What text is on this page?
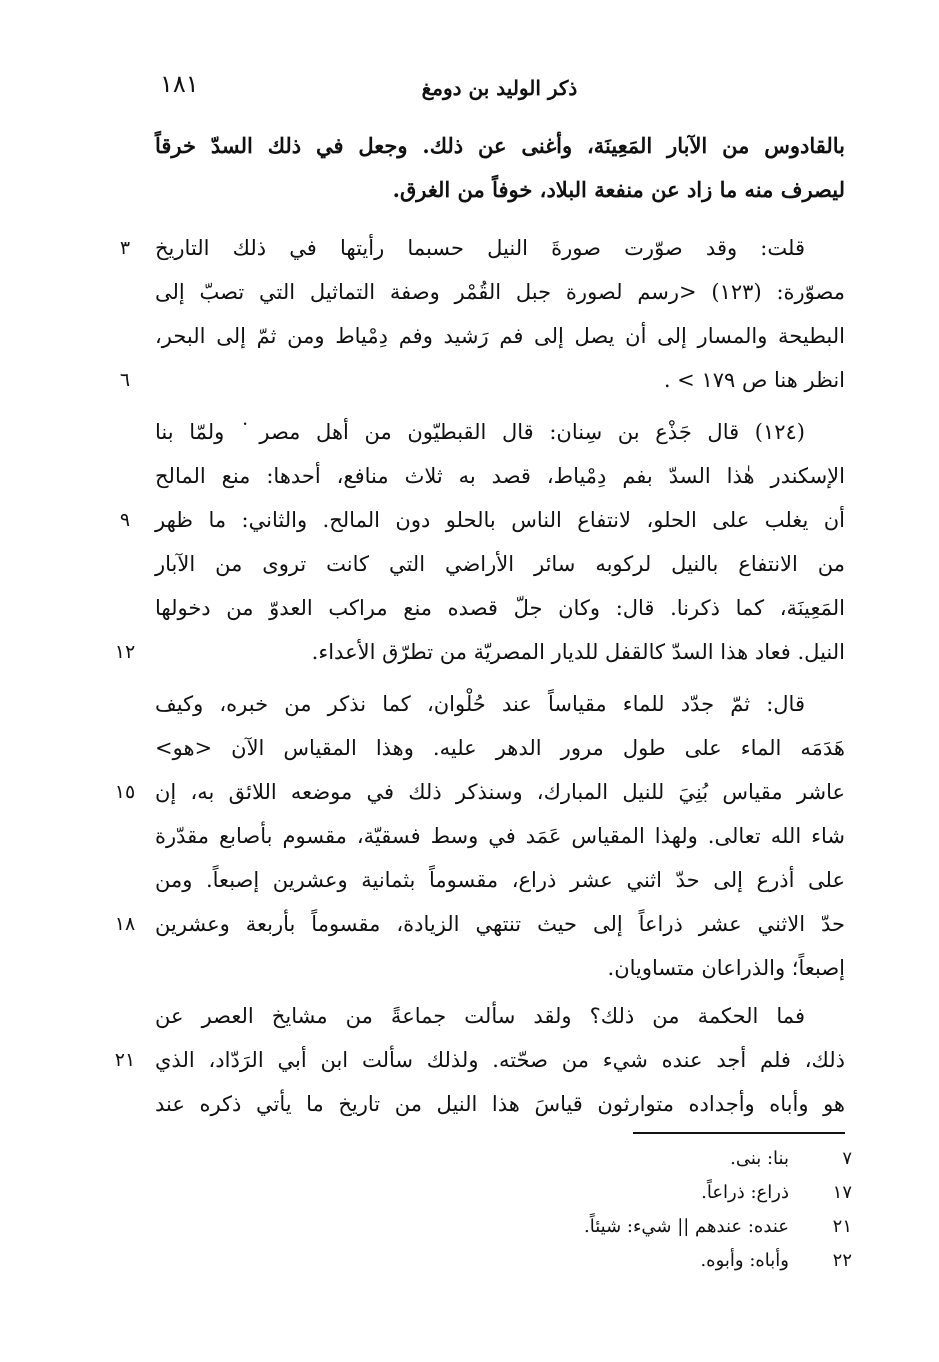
١٨١	ذكر الوليد بن دومغ
بالقادوس من الآبار المَعِينَة، وأغنى عن ذلك. وجعل في ذلك السدّ خرقاً
ليصرف منه ما زاد عن منفعة البلاد، خوفاً من الغرق.
قلت: وقد صوّرت صورةَ النيل حسبما رأيتها في ذلك التاريخ
مصوّرة: (١٢٣) <رسم لصورة جبل القُمْر وصفة التماثيل التي تصبّ إلى
البطيحة والمسار إلى أن يصل إلى فم رَشيد وفم دِمْياط ومن ثمّ إلى البحر،
انظر هنا ص ١٧٩ > .
(١٢٤) قال جَذْع بن سِنان: قال القبطيّون من أهل مصر˙ ولمّا بنا
الإسكندر هٰذا السدّ بفم دِمْياط، قصد به ثلاث منافع، أحدها: منع المالح
أن يغلب على الحلو، لانتفاع الناس بالحلو دون المالح. والثاني: ما ظهر
من الانتفاع بالنيل لركوبه سائر الأراضي التي كانت تروى من الآبار
المَعِينَة، كما ذكرنا. قال: وكان جلّ قصده منع مراكب العدوّ من دخولها
النيل. فعاد هذا السدّ كالقفل للديار المصريّة من تطرّق الأعداء.
قال: ثمّ جدّد للماء مقياساً عند حُلْوان، كما نذكر من خبره، وكيف
هَدَمَه الماء على طول مرور الدهر عليه. وهذا المقياس الآن <هو>
عاشر مقياس بُنِيَ للنيل المبارك، وسنذكر ذلك في موضعه اللائق به، إن
شاء الله تعالى. ولهذا المقياس عَمَد في وسط فسقيّة، مقسوم بأصابع مقدّرة
على أذرع إلى حدّ اثني عشر ذراع، مقسوماً بثمانية وعشرين إصبعاً. ومن
حدّ الاثني عشر ذراعاً إلى حيث تنتهي الزيادة، مقسوماً بأربعة وعشرين
إصبعاً؛ والذراعان متساويان.
فما الحكمة من ذلك؟ ولقد سألت جماعةً من مشايخ العصر عن
ذلك، فلم أجد عنده شيء من صحّته. ولذلك سألت ابن أبي الرَدّاد، الذي
هو وأباه وأجداده متوارثون قياسَ هذا النيل من تاريخ ما يأتي ذكره عند
٣
٦
٩
١٢
١٥
١٨
٢١
٧
بنا: بنى.
١٧
ذراع: ذراعاً.
٢١
عنده: عندهم || شيء: شيئاً.
٢٢
وأباه: وأبوه.
